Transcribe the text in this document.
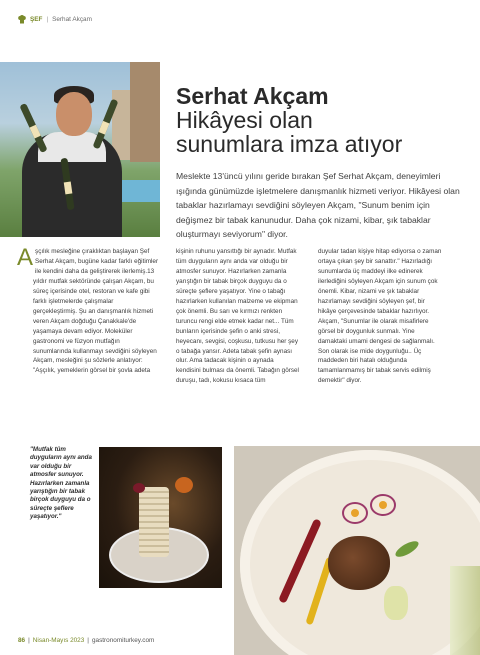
ŞEF | Serhat Akçam
Serhat Akçam
Hikâyesi olan
sunumlara imza atıyor
Meslekte 13'üncü yılını geride bırakan Şef Serhat Akçam, deneyimleri ışığında günümüzde işletmelere danışmanlık hizmeti veriyor. Hikâyesi olan tabaklar hazırlamayı sevdiğini söyleyen Akçam, "Sunum benim için değişmez bir tabak kanunudur. Daha çok nizami, kibar, şık tabaklar oluşturmayı seviyorum" diyor.
A şçılık mesleğine çıraklıktan başlayan Şef Serhat Akçam, bugüne kadar farklı eğitimler ile kendini daha da geliştirerek ilerlemiş.13 yıldır mutfak sektöründe çalışan Akçam, bu süreç içerisinde otel, restoran ve kafe gibi farklı işletmelerde çalışmalar gerçekleştirmiş. Şu an danışmanlık hizmeti veren Akçam doğduğu Çanakkale'de yaşamaya devam ediyor. Moleküler gastronomi ve füzyon mutfağın sunumlarında kullanmayı sevdiğini söyleyen Akçam, mesleğini şu sözlerle anlatıyor: "Aşçılık, yemeklerin görsel bir şovla adeta
kişinin ruhunu yansıttığı bir aynadır. Mutfak tüm duyguların aynı anda var olduğu bir atmosfer sunuyor. Hazırlarken zamanla yarıştığın bir tabak birçok duyguyu da o süreçte şeflere yaşatıyor. Yine o tabağı hazırlarken kullanılan malzeme ve ekipman çok önemli. Bu sarı ve kırmızı renkten turuncu rengi elde etmek kadar net... Tüm bunların içerisinde şefin o anki stresi, heyecanı, sevgisi, coşkusu, tutkusu her şey o tabağa yansır. Adeta tabak şefin aynası olur. Ama tadacak kişinin o aynada kendisini bulması da önemli. Tabağın görsel duruşu, tadı, kokusu kısaca tüm
duyular tadan kişiye hitap ediyorsa o zaman ortaya çıkan şey bir sanattır." Hazırladığı sunumlarda üç maddeyi ilke edinerek ilerlediğini söyleyen Akçam için sunum çok önemli. Kibar, nizami ve şık tabaklar hazırlamayı sevdiğini söyleyen şef, bir hikâye çerçevesinde tabaklar hazırlıyor. Akçam, "Sunumlar ile olarak misafirlere görsel bir doygunluk sunmalı. Yine damaktaki umami dengesi de sağlanmalı. Son olarak ise mide doygunluğu.. Üç maddeden biri hatalı olduğunda tamamlanmamış bir tabak servis edilmiş demektir" diyor.
"Mutfak tüm duyguların aynı anda var olduğu bir atmosfer sunuyor. Hazırlarken zamanla yarıştığın bir tabak birçok duyguyu da o süreçte şeflere yaşatıyor."
86 | Nisan-Mayıs 2023 | gastronomiturkey.com
